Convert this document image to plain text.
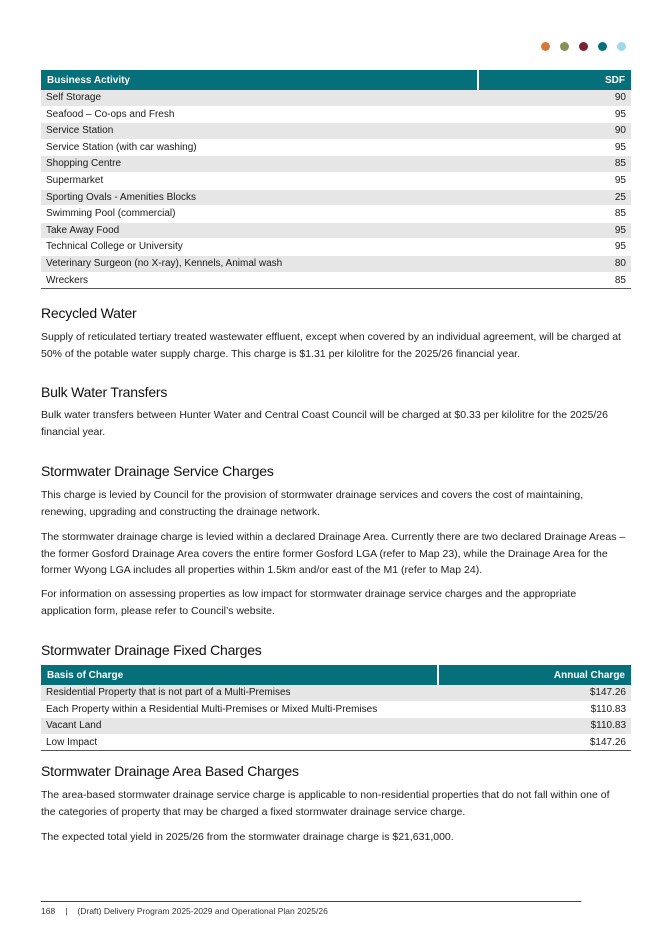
Business Activity	SDF
Self Storage	90
Seafood – Co-ops and Fresh	95
Service Station	90
Service Station (with car washing)	95
Shopping Centre	85
Supermarket	95
Sporting Ovals - Amenities Blocks	25
Swimming Pool (commercial)	85
Take Away Food	95
Technical College or University	95
Veterinary Surgeon (no X-ray), Kennels, Animal wash	80
Wreckers	85
Recycled Water

Supply of reticulated tertiary treated wastewater effluent, except when covered by an individual agreement, will be charged at 50% of the potable water supply charge. This charge is $1.31 per kilolitre for the 2025/26 financial year.

Bulk Water Transfers

Bulk water transfers between Hunter Water and Central Coast Council will be charged at $0.33 per kilolitre for the 2025/26 financial year.

Stormwater Drainage Service Charges

This charge is levied by Council for the provision of stormwater drainage services and covers the cost of maintaining, renewing, upgrading and constructing the drainage network.

The stormwater drainage charge is levied within a declared Drainage Area. Currently there are two declared Drainage Areas – the former Gosford Drainage Area covers the entire former Gosford LGA (refer to Map 23), while the Drainage Area for the former Wyong LGA includes all properties within 1.5km and/or east of the M1 (refer to Map 24).

For information on assessing properties as low impact for stormwater drainage service charges and the appropriate application form, please refer to Council’s website.

Stormwater Drainage Fixed Charges
Basis of Charge	Annual Charge
Residential Property that is not part of a Multi-Premises	$147.26
Each Property within a Residential Multi-Premises or Mixed Multi-Premises	$110.83
Vacant Land	$110.83
Low Impact	$147.26
Stormwater Drainage Area Based Charges

The area-based stormwater drainage service charge is applicable to non-residential properties that do not fall within one of the categories of property that may be charged a fixed stormwater drainage service charge.

The expected total yield in 2025/26 from the stormwater drainage charge is $21,631,000.

168 | (Draft) Delivery Program 2025-2029 and Operational Plan 2025/26
